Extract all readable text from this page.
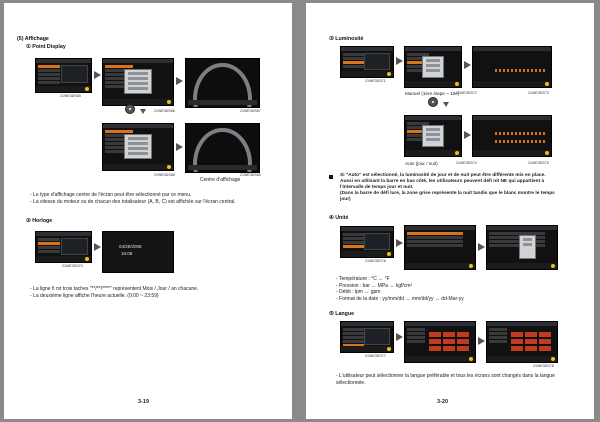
(5) Affichage
① Point Display
21WE3DS65
21WE3DS66	21WE3DS67
21WE3DS68	21WE3DS69
Centre d'affichage
- Le type d'affichage centre de l'écran peut être sélectionné par ce menu.
- La vitesse du moteur ou de chacun des totalisateur (A, B, C) est affichée sur l'écran central.
② Horloge
21WE3DS70
04/29/2008
16:09
- La ligne fi rst trois taches "**/**/****" représentent Mois / Jour / an chacune.
- La deuxième ligne affiche l'heure actuelle. (0:00 ~ 23:59)
3-19
③ Luminosité
21WE3DS71
Manuel (1ère étape ~ 10e)
21WE3DS72	21WE3DS73
Auto (jour / nuit)	21WE3DS74	21WE3DS75
Si "Auto" est sélectionné, la luminosité de jour et de nuit peut être différente mis en place.
Aussi en utilisant la barre en bas côté, les utilisateurs peuvent défi nit NE qui appartient à
l'intervalle de temps jour et nuit.
(Dans la barre de défi lure, la zone grise représente la nuit tandis que le blanc montre le temps
jour)
④ Unité
21WE3DS76
- Température : °C ↔ °F
- Pression : bar ↔ MPa ↔ kgf/cm²
- Débit : lpm ↔ gpm
- Format de la date : yy/mm/dd ↔ mm/dd/yy ↔ dd-Mar-yy
⑤ Langue
21WE3DS77
21WE3DS78
- L'utilisateur peut sélectionner la langue préférable et tous les écrans sont changés dans la langue
sélectionnée.
3-20
